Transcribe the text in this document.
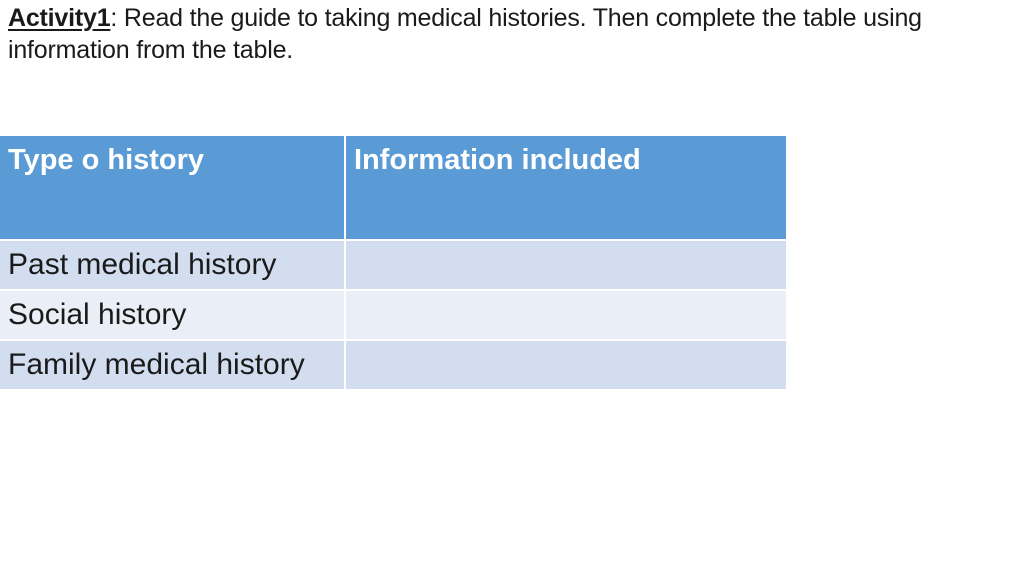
Activity1: Read the guide to taking medical histories. Then complete the table using information from the table.
Type o history	Information included
Past medical history	
Social history	
Family medical history	
